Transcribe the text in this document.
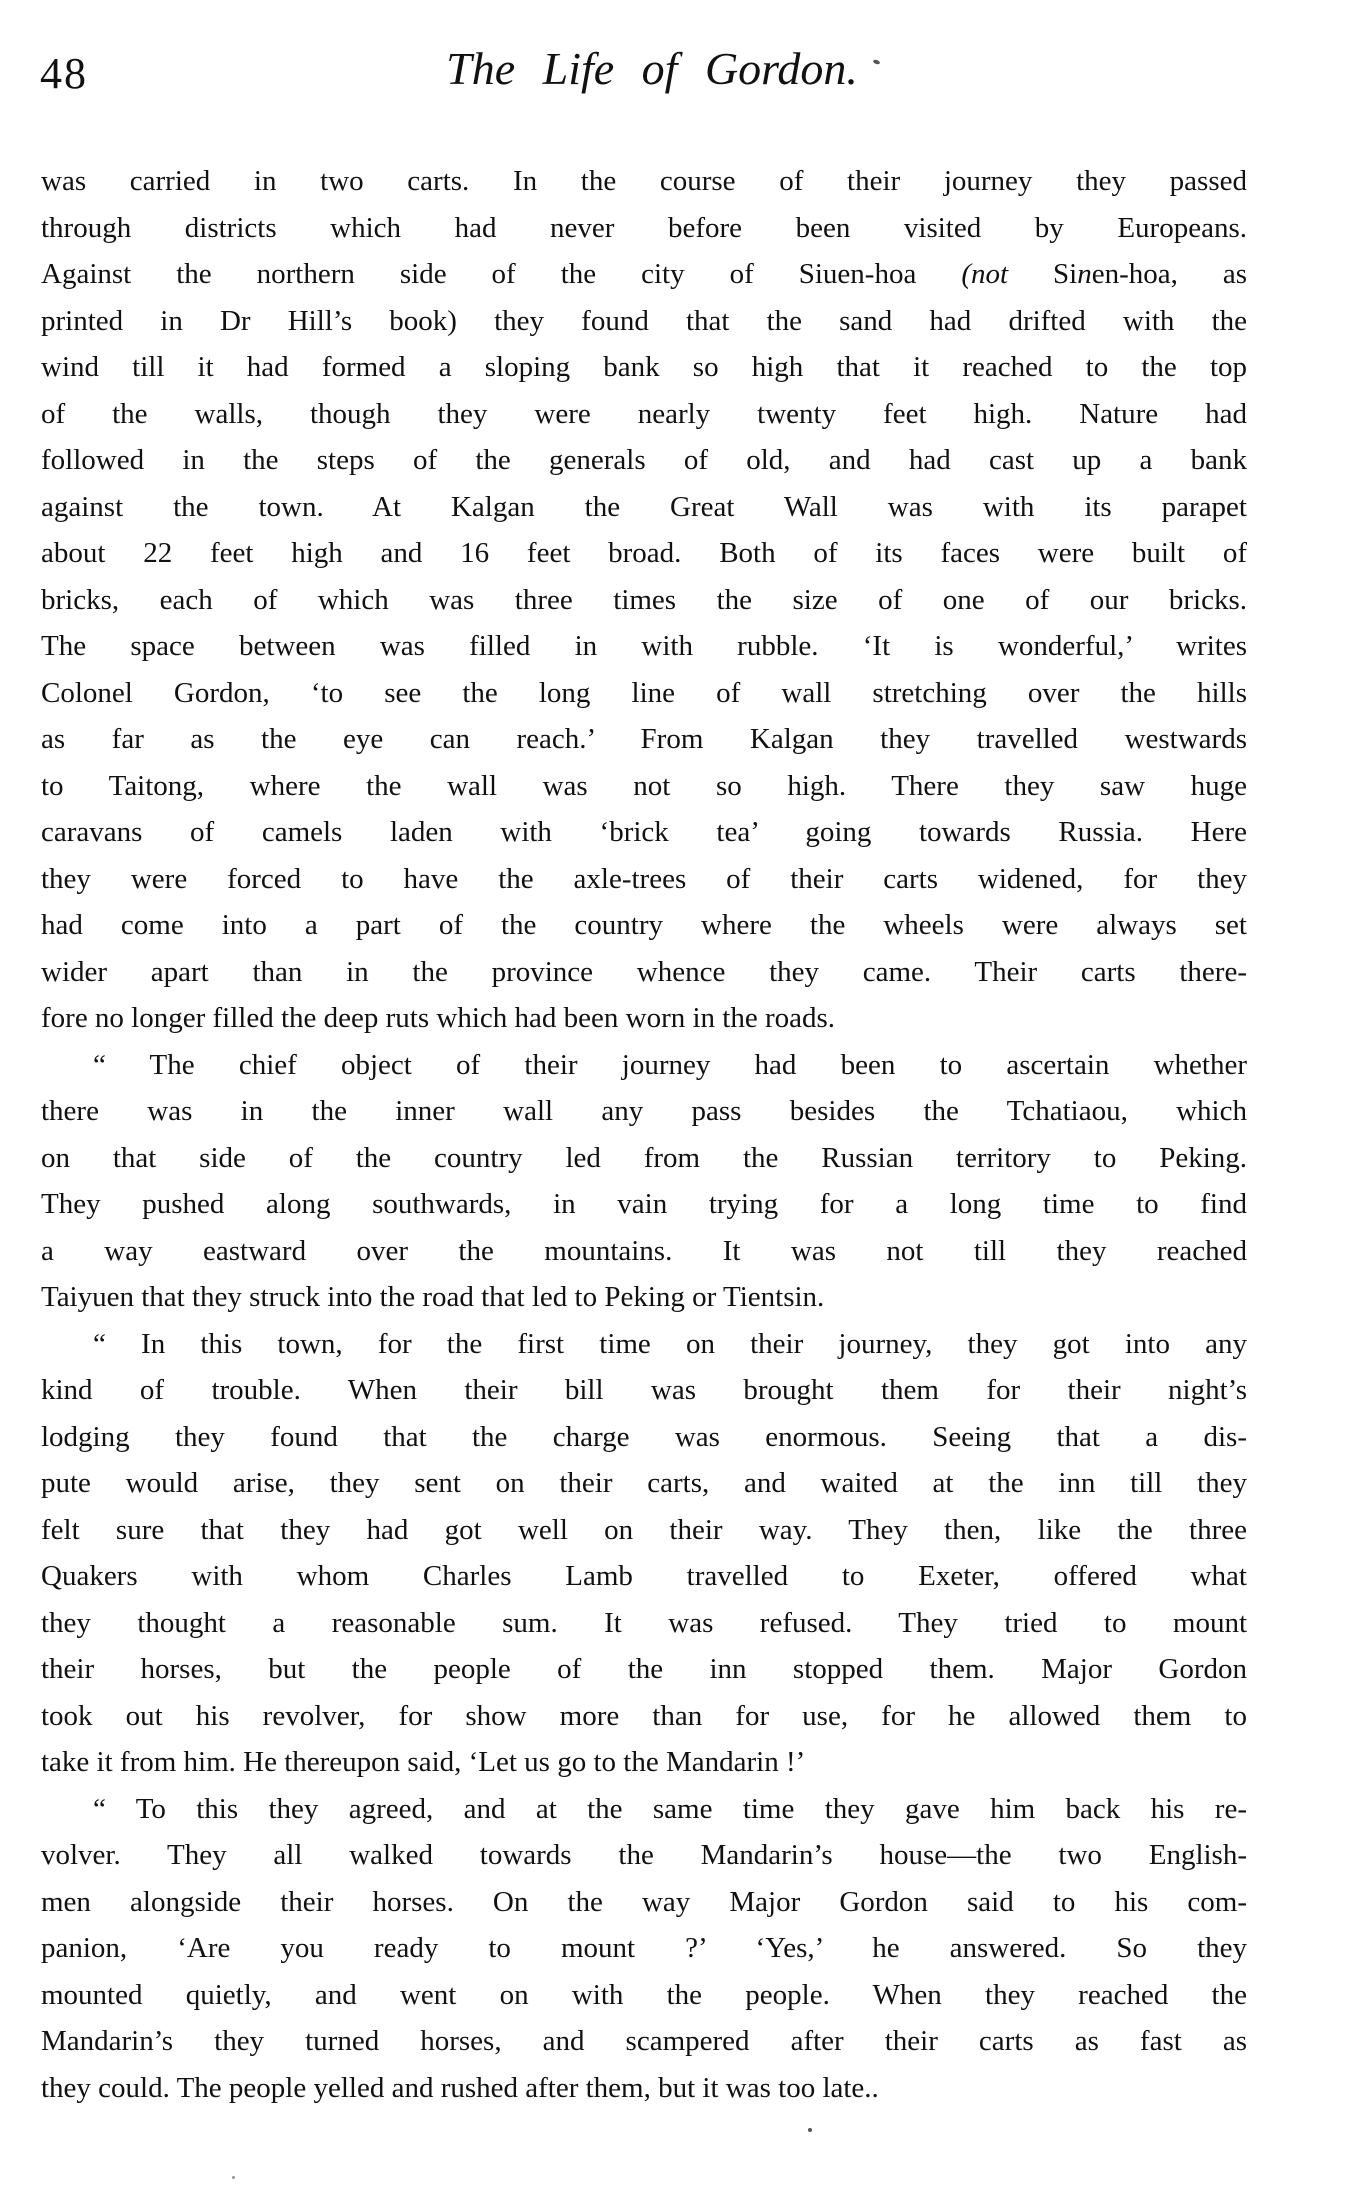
48	The Life of Gordon.
was carried in two carts. In the course of their journey they passed
through districts which had never before been visited by Europeans.
Against the northern side of the city of Siuen-hoa (not Sinen-hoa, as
printed in Dr Hill’s book) they found that the sand had drifted with the
wind till it had formed a sloping bank so high that it reached to the top
of the walls, though they were nearly twenty feet high. Nature had
followed in the steps of the generals of old, and had cast up a bank
against the town. At Kalgan the Great Wall was with its parapet
about 22 feet high and 16 feet broad. Both of its faces were built of
bricks, each of which was three times the size of one of our bricks.
The space between was filled in with rubble. ‘It is wonderful,’ writes
Colonel Gordon, ‘to see the long line of wall stretching over the hills
as far as the eye can reach.’ From Kalgan they travelled westwards
to Taitong, where the wall was not so high. There they saw huge
caravans of camels laden with ‘brick tea’ going towards Russia. Here
they were forced to have the axle-trees of their carts widened, for they
had come into a part of the country where the wheels were always set
wider apart than in the province whence they came. Their carts there-
fore no longer filled the deep ruts which had been worn in the roads.
“ The chief object of their journey had been to ascertain whether
there was in the inner wall any pass besides the Tchatiaou, which
on that side of the country led from the Russian territory to Peking.
They pushed along southwards, in vain trying for a long time to find
a way eastward over the mountains. It was not till they reached
Taiyuen that they struck into the road that led to Peking or Tientsin.
“ In this town, for the first time on their journey, they got into any
kind of trouble. When their bill was brought them for their night’s
lodging they found that the charge was enormous. Seeing that a dis-
pute would arise, they sent on their carts, and waited at the inn till they
felt sure that they had got well on their way. They then, like the three
Quakers with whom Charles Lamb travelled to Exeter, offered what
they thought a reasonable sum. It was refused. They tried to mount
their horses, but the people of the inn stopped them. Major Gordon
took out his revolver, for show more than for use, for he allowed them to
take it from him. He thereupon said, ‘Let us go to the Mandarin !’
“ To this they agreed, and at the same time they gave him back his re-
volver. They all walked towards the Mandarin’s house—the two English-
men alongside their horses. On the way Major Gordon said to his com-
panion, ‘Are you ready to mount ?’ ‘Yes,’ he answered. So they
mounted quietly, and went on with the people. When they reached the
Mandarin’s they turned horses, and scampered after their carts as fast as
they could. The people yelled and rushed after them, but it was too late..
